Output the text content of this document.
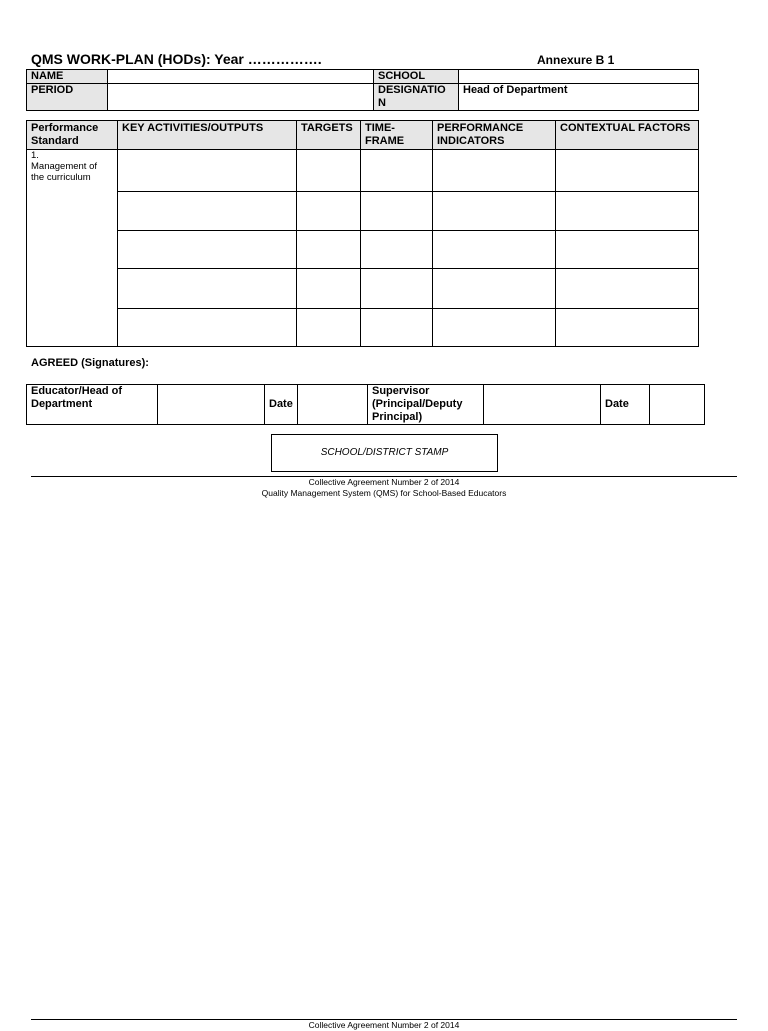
QMS WORK-PLAN (HODs): Year …………….	Annexure B 1
NAME		SCHOOL	
PERIOD		DESIGNATIO N	Head of Department
Performance Standard	KEY ACTIVITIES/OUTPUTS	TARGETS	TIME-FRAME	PERFORMANCE INDICATORS	CONTEXTUAL FACTORS
1.Management of the curriculum					

AGREED (Signatures):
Educator/Head of Department		Date		Supervisor (Principal/Deputy Principal)		Date	
SCHOOL/DISTRICT STAMP
Collective Agreement Number 2 of 2014
Quality Management System (QMS) for School-Based Educators
Collective Agreement Number 2 of 2014
